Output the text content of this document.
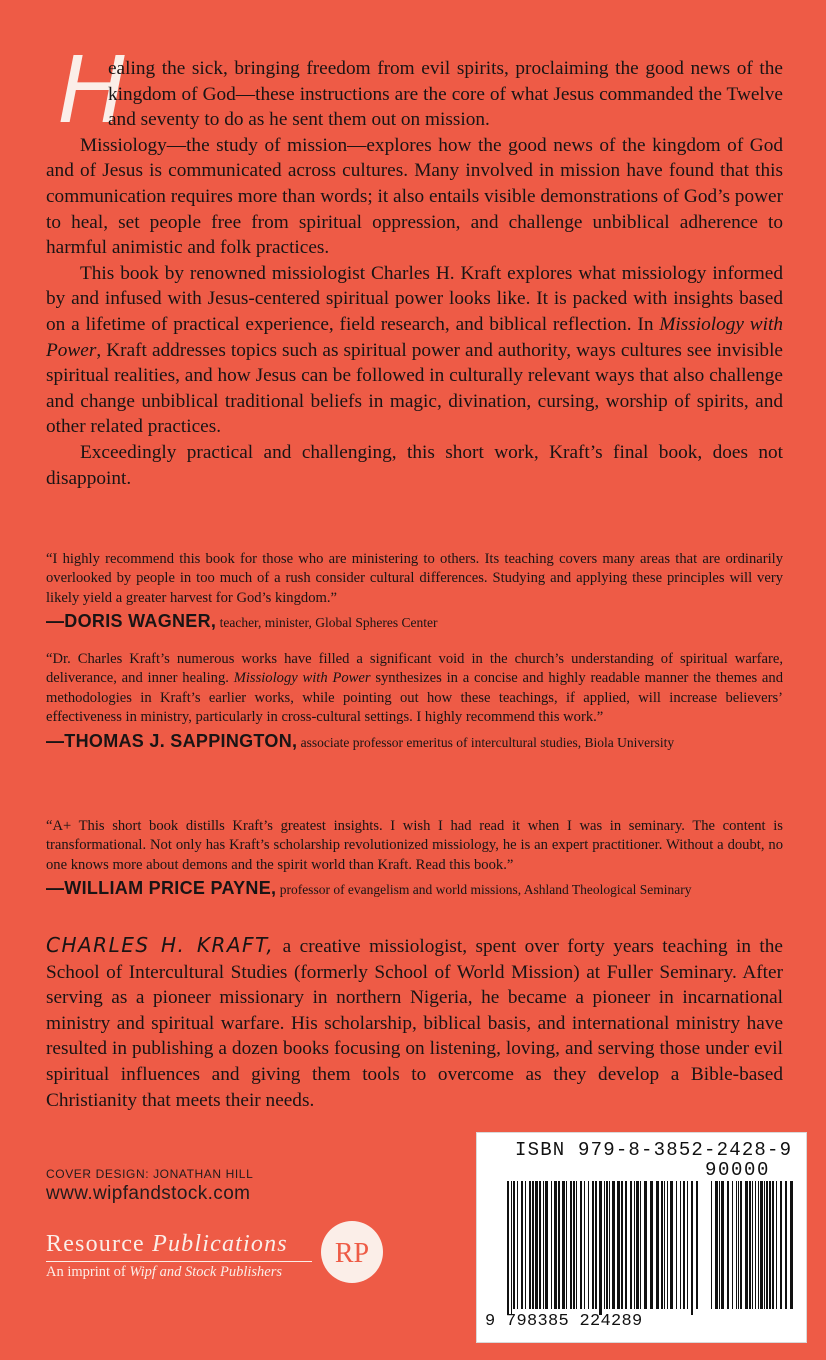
H

ealing the sick, bringing freedom from evil spirits, proclaiming the good news of the kingdom of God—these instructions are the core of what Jesus commanded the Twelve and seventy to do as he sent them out on mission.

Missiology—the study of mission—explores how the good news of the kingdom of God and of Jesus is communicated across cultures. Many involved in mission have found that this communication requires more than words; it also entails visible demonstrations of God’s power to heal, set people free from spiritual oppression, and challenge unbiblical adherence to harmful animistic and folk practices.

This book by renowned missiologist Charles H. Kraft explores what missiology informed by and infused with Jesus-centered spiritual power looks like. It is packed with insights based on a lifetime of practical experience, field research, and biblical reflection. In Missiology with Power, Kraft addresses topics such as spiritual power and authority, ways cultures see invisible spiritual realities, and how Jesus can be followed in culturally relevant ways that also challenge and change unbiblical traditional beliefs in magic, divination, cursing, worship of spirits, and other related practices.

Exceedingly practical and challenging, this short work, Kraft’s final book, does not disappoint.

“I highly recommend this book for those who are ministering to others. Its teaching covers many areas that are ordinarily overlooked by people in too much of a rush consider cultural differences. Studying and applying these principles will very likely yield a greater harvest for God’s kingdom.”

—DORIS WAGNER, teacher, minister, Global Spheres Center

“Dr. Charles Kraft’s numerous works have filled a significant void in the church’s understanding of spiritual warfare, deliverance, and inner healing. Missiology with Power synthesizes in a concise and highly readable manner the themes and methodologies in Kraft’s earlier works, while pointing out how these teachings, if applied, will increase believers’ effectiveness in ministry, particularly in cross-cultural settings. I highly recommend this work.”

—THOMAS J. SAPPINGTON, associate professor emeritus of intercultural studies, Biola University

“A+ This short book distills Kraft’s greatest insights. I wish I had read it when I was in seminary. The content is transformational. Not only has Kraft’s scholarship revolutionized missiology, he is an expert practitioner. Without a doubt, no one knows more about demons and the spirit world than Kraft. Read this book.”

—WILLIAM PRICE PAYNE, professor of evangelism and world missions, Ashland Theological Seminary

CHARLES H. KRAFT, a creative missiologist, spent over forty years teaching in the School of Intercultural Studies (formerly School of World Mission) at Fuller Seminary. After serving as a pioneer missionary in northern Nigeria, he became a pioneer in incarnational ministry and spiritual warfare. His scholarship, biblical basis, and international ministry have resulted in publishing a dozen books focusing on listening, loving, and serving those under evil spiritual influences and giving them tools to overcome as they develop a Bible-based Christianity that meets their needs.
COVER DESIGN: JONATHAN HILL
www.wipfandstock.com
Resource Publications
An imprint of Wipf and Stock Publishers
RP
ISBN 979-8-3852-2428-9
90000
9 798385 224289
